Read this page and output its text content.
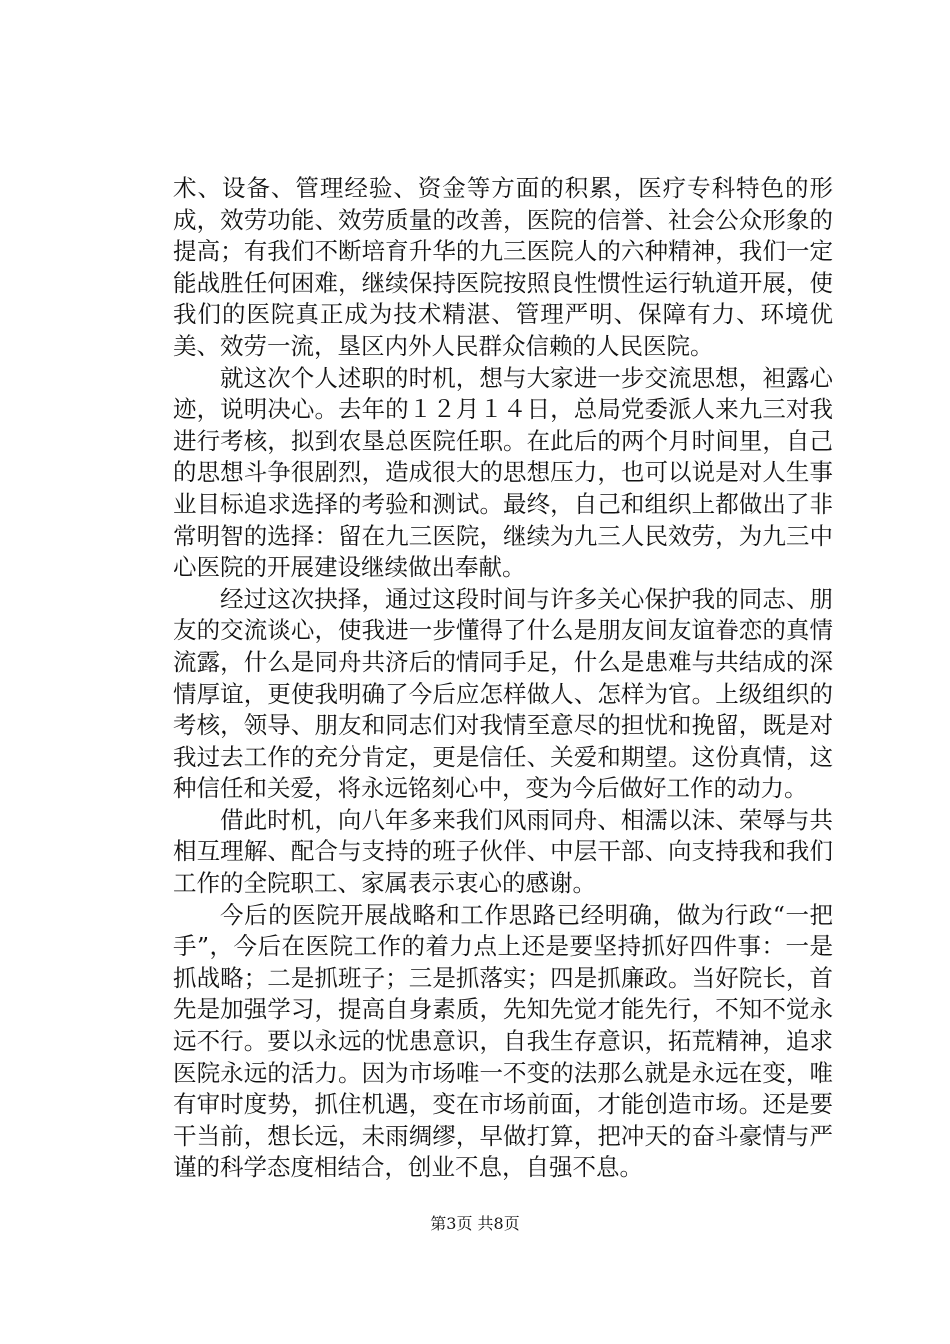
术、设备、管理经验、资金等方面的积累，医疗专科特色的形成，效劳功能、效劳质量的改善，医院的信誉、社会公众形象的提高；有我们不断培育升华的九三医院人的六种精神，我们一定能战胜任何困难，继续保持医院按照良性惯性运行轨道开展，使我们的医院真正成为技术精湛、管理严明、保障有力、环境优美、效劳一流，垦区内外人民群众信赖的人民医院。

就这次个人述职的时机，想与大家进一步交流思想，袒露心迹，说明决心。去年的１２月１４日，总局党委派人来九三对我进行考核，拟到农垦总医院任职。在此后的两个月时间里，自己的思想斗争很剧烈，造成很大的思想压力，也可以说是对人生事业目标追求选择的考验和测试。最终，自己和组织上都做出了非常明智的选择：留在九三医院，继续为九三人民效劳，为九三中心医院的开展建设继续做出奉献。

经过这次抉择，通过这段时间与许多关心保护我的同志、朋友的交流谈心，使我进一步懂得了什么是朋友间友谊眷恋的真情流露，什么是同舟共济后的情同手足，什么是患难与共结成的深情厚谊，更使我明确了今后应怎样做人、怎样为官。上级组织的考核，领导、朋友和同志们对我情至意尽的担忧和挽留，既是对我过去工作的充分肯定，更是信任、关爱和期望。这份真情，这种信任和关爱，将永远铭刻心中，变为今后做好工作的动力。

借此时机，向八年多来我们风雨同舟、相濡以沫、荣辱与共相互理解、配合与支持的班子伙伴、中层干部、向支持我和我们工作的全院职工、家属表示衷心的感谢。

今后的医院开展战略和工作思路已经明确，做为行政“一把手”，今后在医院工作的着力点上还是要坚持抓好四件事：一是抓战略；二是抓班子；三是抓落实；四是抓廉政。当好院长，首先是加强学习，提高自身素质，先知先觉才能先行，不知不觉永远不行。要以永远的忧患意识，自我生存意识，拓荒精神，追求医院永远的活力。因为市场唯一不变的法那么就是永远在变，唯有审时度势，抓住机遇，变在市场前面，才能创造市场。还是要干当前，想长远，未雨绸缪，早做打算，把冲天的奋斗豪情与严谨的科学态度相结合，创业不息，自强不息。

第3页 共8页
